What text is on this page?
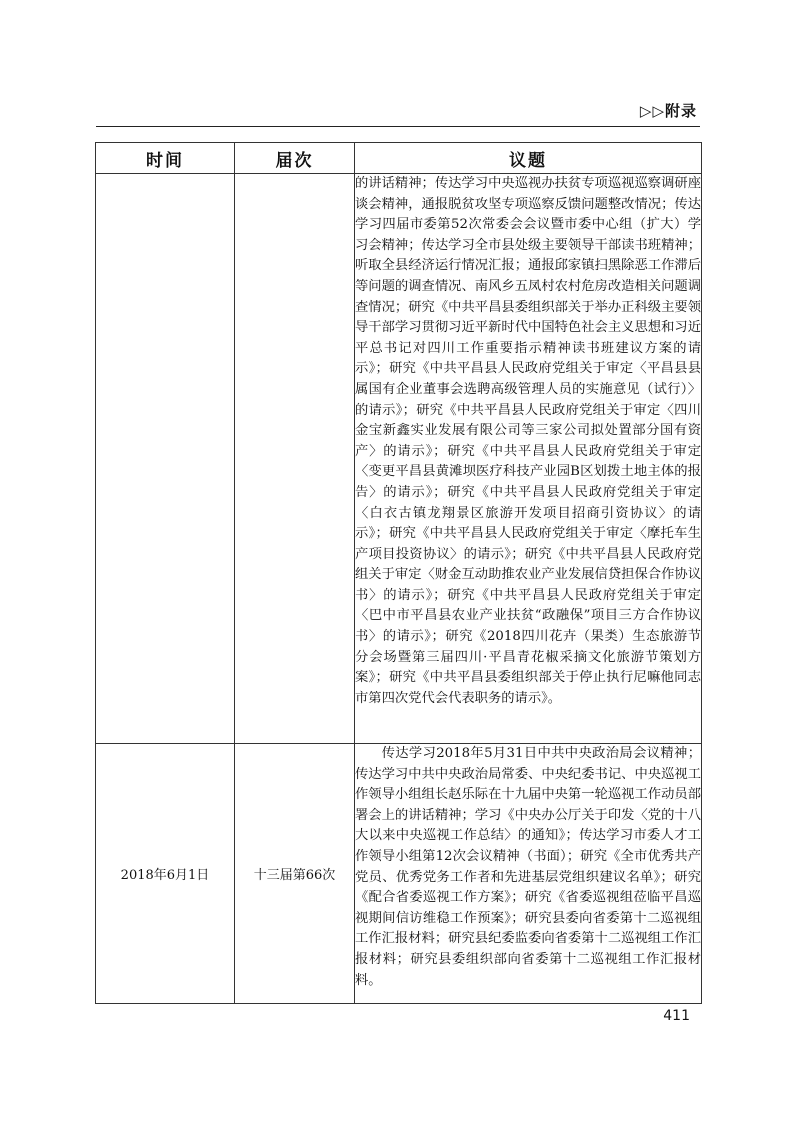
▷▷附录
时间	届次	议题
		的讲话精神；传达学习中央巡视办扶贫专项巡视巡察调研座谈会精神，通报脱贫攻坚专项巡察反馈问题整改情况；传达学习四届市委第52次常委会会议暨市委中心组（扩大）学习会精神；传达学习全市县处级主要领导干部读书班精神；听取全县经济运行情况汇报；通报邱家镇扫黑除恶工作滞后等问题的调查情况、南风乡五凤村农村危房改造相关问题调查情况；研究《中共平昌县委组织部关于举办正科级主要领导干部学习贯彻习近平新时代中国特色社会主义思想和习近平总书记对四川工作重要指示精神读书班建议方案的请示》；研究《中共平昌县人民政府党组关于审定〈平昌县县属国有企业董事会选聘高级管理人员的实施意见（试行）〉的请示》；研究《中共平昌县人民政府党组关于审定〈四川金宝新鑫实业发展有限公司等三家公司拟处置部分国有资产〉的请示》；研究《中共平昌县人民政府党组关于审定〈变更平昌县黄滩坝医疗科技产业园B区划拨土地主体的报告〉的请示》；研究《中共平昌县人民政府党组关于审定〈白衣古镇龙翔景区旅游开发项目招商引资协议〉的请示》；研究《中共平昌县人民政府党组关于审定〈摩托车生产项目投资协议〉的请示》；研究《中共平昌县人民政府党组关于审定〈财金互动助推农业产业发展信贷担保合作协议书〉的请示》；研究《中共平昌县人民政府党组关于审定〈巴中市平昌县农业产业扶贫“政融保”项目三方合作协议书〉的请示》；研究《2018四川花卉（果类）生态旅游节分会场暨第三届四川·平昌青花椒采摘文化旅游节策划方案》；研究《中共平昌县委组织部关于停止执行尼嘛他同志市第四次党代会代表职务的请示》。
2018年6月1日	十三届第66次	传达学习2018年5月31日中共中央政治局会议精神；传达学习中共中央政治局常委、中央纪委书记、中央巡视工作领导小组组长赵乐际在十九届中央第一轮巡视工作动员部署会上的讲话精神；学习《中央办公厅关于印发〈党的十八大以来中央巡视工作总结〉的通知》；传达学习市委人才工作领导小组第12次会议精神（书面）；研究《全市优秀共产党员、优秀党务工作者和先进基层党组织建议名单》；研究《配合省委巡视工作方案》；研究《省委巡视组莅临平昌巡视期间信访维稳工作预案》；研究县委向省委第十二巡视组工作汇报材料；研究县纪委监委向省委第十二巡视组工作汇报材料；研究县委组织部向省委第十二巡视组工作汇报材料。
411
